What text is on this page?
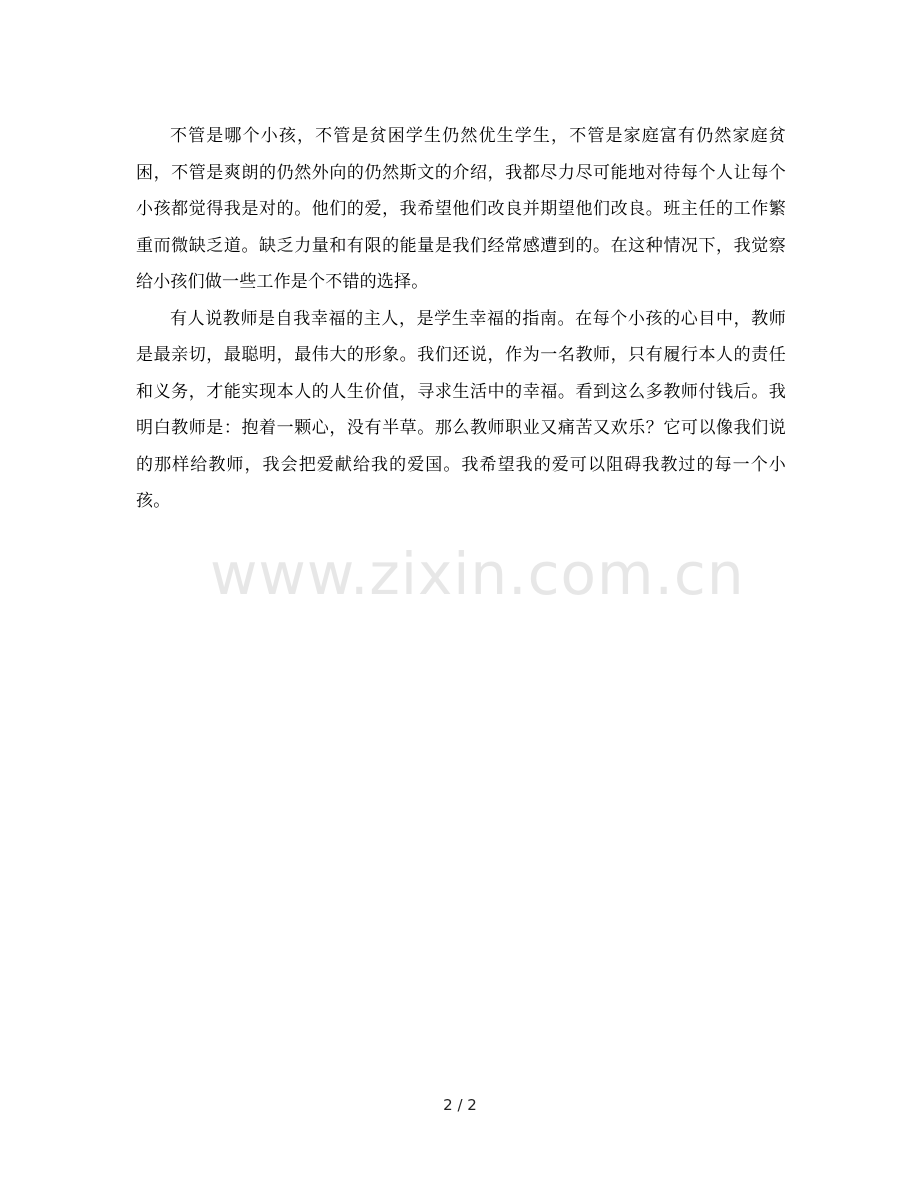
不管是哪个小孩，不管是贫困学生仍然优生学生，不管是家庭富有仍然家庭贫困，不管是爽朗的仍然外向的仍然斯文的介绍，我都尽力尽可能地对待每个人让每个小孩都觉得我是对的。他们的爱，我希望他们改良并期望他们改良。班主任的工作繁重而微缺乏道。缺乏力量和有限的能量是我们经常感遭到的。在这种情况下，我觉察给小孩们做一些工作是个不错的选择。

有人说教师是自我幸福的主人，是学生幸福的指南。在每个小孩的心目中，教师是最亲切，最聪明，最伟大的形象。我们还说，作为一名教师，只有履行本人的责任和义务，才能实现本人的人生价值，寻求生活中的幸福。看到这么多教师付钱后。我明白教师是：抱着一颗心，没有半草。那么教师职业又痛苦又欢乐？它可以像我们说的那样给教师，我会把爱献给我的爱国。我希望我的爱可以阻碍我教过的每一个小孩。

www.zixin.com.cn
2 / 2
